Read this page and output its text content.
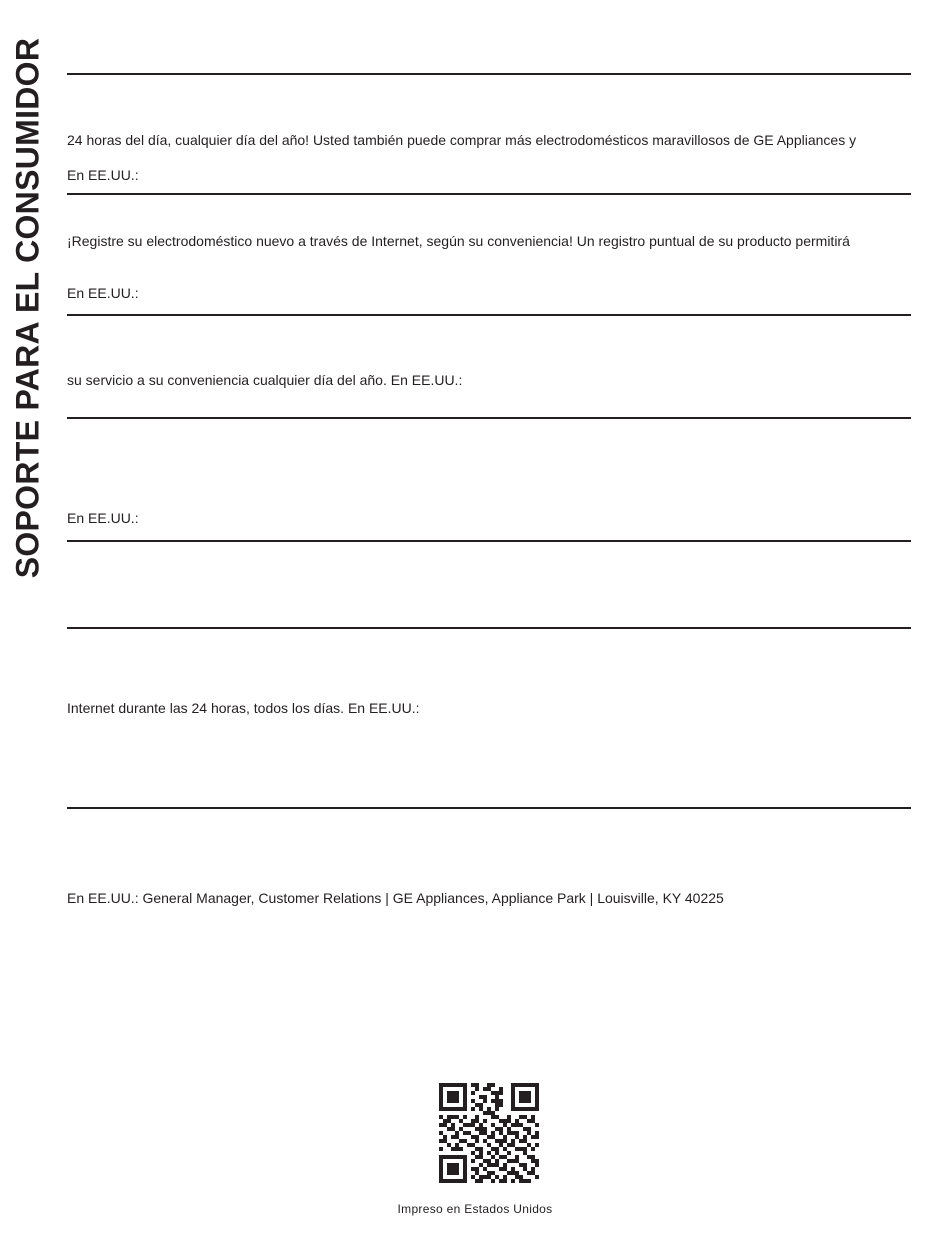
SOPORTE PARA EL CONSUMIDOR 24 horas del día, cualquier día del año! Usted también puede comprar más electrodomésticos maravillosos de GE Appliances y
En EE.UU.:
¡Registre su electrodoméstico nuevo a través de Internet, según su conveniencia! Un registro puntual de su producto permitirá
En EE.UU.:
su servicio a su conveniencia cualquier día del año. En EE.UU.:
En EE.UU.:
Internet durante las 24 horas, todos los días. En EE.UU.:
En EE.UU.: General Manager, Customer Relations | GE Appliances, Appliance Park | Louisville, KY 40225
Impreso en Estados Unidos
